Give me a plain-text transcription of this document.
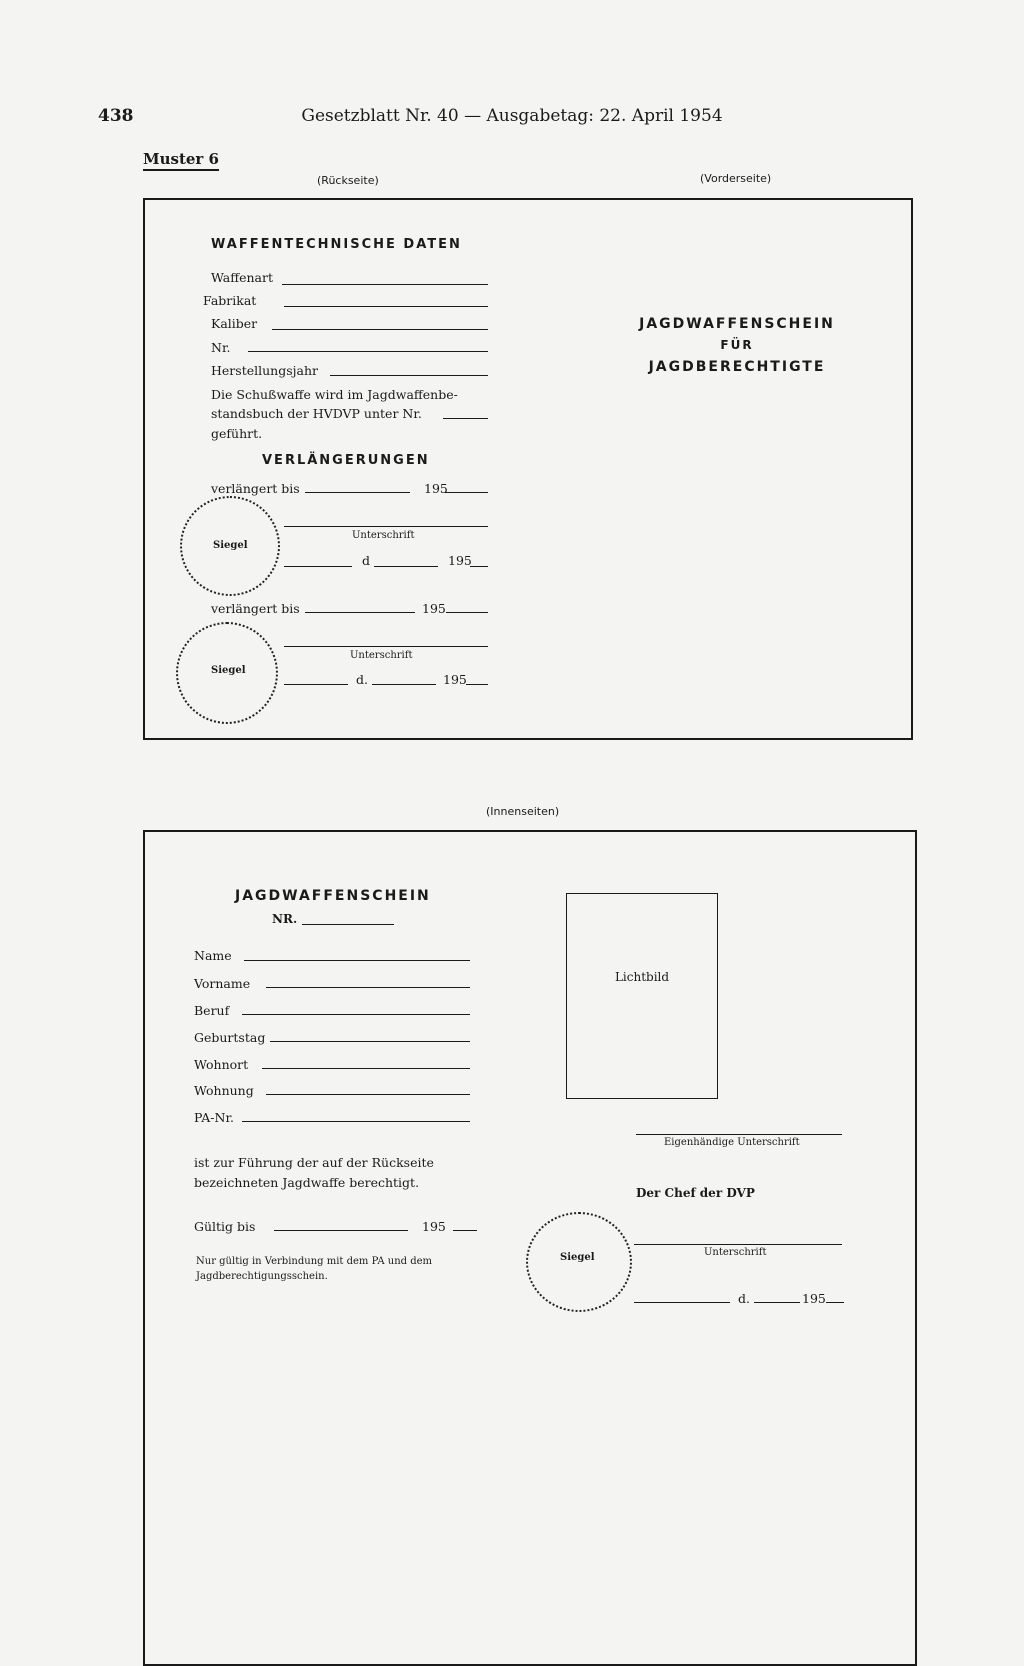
438	Gesetzblatt Nr. 40 — Ausgabetag: 22. April 1954
Muster 6
(Rückseite)	(Vorderseite)
WAFFENTECHNISCHE DATEN
Waffenart
Fabrikat
Kaliber
Nr.
Herstellungsjahr
Die Schußwaffe wird im Jagdwaffenbe-
standsbuch der HVDVP unter Nr.
geführt.
VERLÄNGERUNGEN
verlängert bis	195
Siegel
Unterschrift
d	195
verlängert bis	195
Siegel
Unterschrift
d.	195
JAGDWAFFENSCHEIN
FÜR
JAGDBERECHTIGTE
(Innenseiten)
JAGDWAFFENSCHEIN
NR.
Name
Vorname
Beruf
Geburtstag
Wohnort
Wohnung
PA-Nr.
ist zur Führung der auf der Rückseite
bezeichneten Jagdwaffe berechtigt.
Gültig bis	195
Nur gültig in Verbindung mit dem PA und dem
Jagdberechtigungsschein.
Lichtbild
Eigenhändige Unterschrift
Der Chef der DVP
Siegel	Unterschrift
d.	195
